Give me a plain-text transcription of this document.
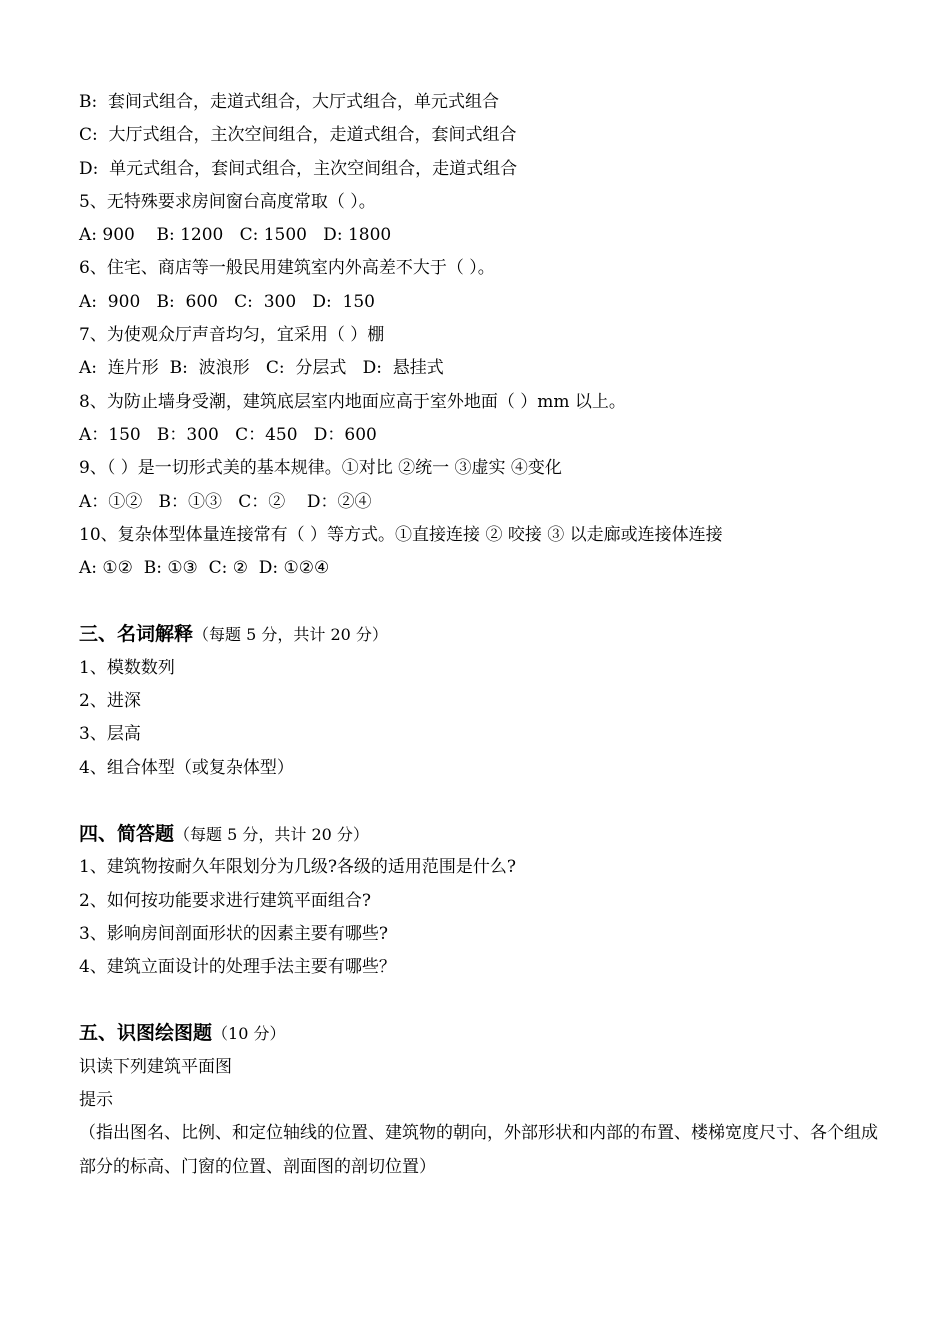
B:  套间式组合，走道式组合，大厅式组合，单元式组合
C:  大厅式组合，主次空间组合，走道式组合，套间式组合
D:  单元式组合，套间式组合，主次空间组合，走道式组合
5、无特殊要求房间窗台高度常取（ ）。
A: 900    B: 1200   C: 1500   D: 1800
6、住宅、商店等一般民用建筑室内外高差不大于（ ）。
A:  900   B:  600   C:  300   D:  150
7、为使观众厅声音均匀，宜采用（ ）棚
A:  连片形  B:  波浪形   C:  分层式   D:  悬挂式
8、为防止墙身受潮，建筑底层室内地面应高于室外地面（ ）mm 以上。
A：150   B：300   C：450   D：600
9、（ ）是一切形式美的基本规律。①对比 ②统一 ③虚实 ④变化
A：①②   B：①③   C：②    D：②④
10、复杂体型体量连接常有（ ）等方式。①直接连接 ② 咬接 ③ 以走廊或连接体连接
A: ①②  B: ①③  C: ②  D: ①②④
三、名词解释（每题 5 分，共计 20 分）
1、模数数列
2、进深
3、层高
4、组合体型（或复杂体型）
四、简答题（每题 5 分，共计 20 分）
1、建筑物按耐久年限划分为几级?各级的适用范围是什么?
2、如何按功能要求进行建筑平面组合?
3、影响房间剖面形状的因素主要有哪些?
4、建筑立面设计的处理手法主要有哪些？
五、识图绘图题（10 分）
识读下列建筑平面图
提示
（指出图名、比例、和定位轴线的位置、建筑物的朝向，外部形状和内部的布置、楼梯宽度尺寸、各个组成部分的标高、门窗的位置、剖面图的剖切位置）
